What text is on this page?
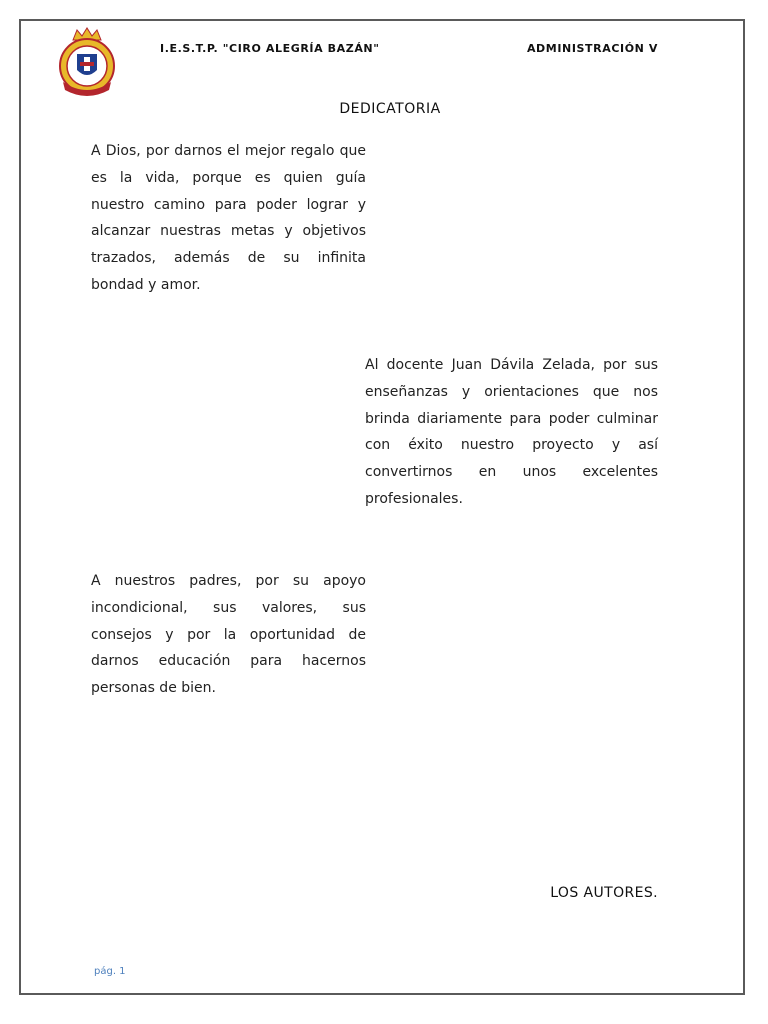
I.E.S.T.P. "CIRO ALEGRÍA BAZÁN"	ADMINISTRACIÓN V
DEDICATORIA
A Dios, por darnos el mejor regalo que es la vida, porque es quien guía nuestro camino para poder lograr y alcanzar nuestras metas y objetivos trazados, además de su infinita bondad y amor.
Al docente Juan Dávila Zelada, por sus enseñanzas y orientaciones que nos brinda diariamente para poder culminar con éxito nuestro proyecto y así convertirnos en unos excelentes profesionales.
A nuestros padres, por su apoyo incondicional, sus valores, sus consejos y por la oportunidad de darnos educación para hacernos personas de bien.
LOS AUTORES.
pág. 1
